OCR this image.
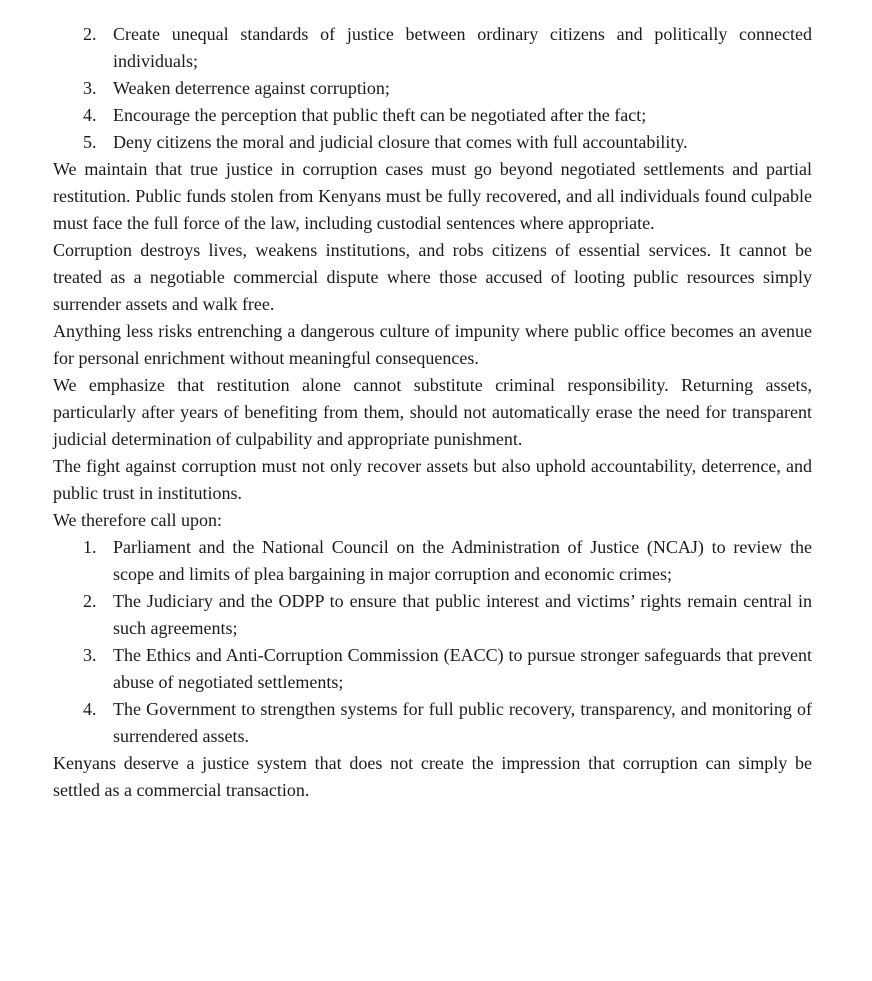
2. Create unequal standards of justice between ordinary citizens and politically connected individuals;
3. Weaken deterrence against corruption;
4. Encourage the perception that public theft can be negotiated after the fact;
5. Deny citizens the moral and judicial closure that comes with full accountability.

We maintain that true justice in corruption cases must go beyond negotiated settlements and partial restitution. Public funds stolen from Kenyans must be fully recovered, and all individuals found culpable must face the full force of the law, including custodial sentences where appropriate.

Corruption destroys lives, weakens institutions, and robs citizens of essential services. It cannot be treated as a negotiable commercial dispute where those accused of looting public resources simply surrender assets and walk free.

Anything less risks entrenching a dangerous culture of impunity where public office becomes an avenue for personal enrichment without meaningful consequences.

We emphasize that restitution alone cannot substitute criminal responsibility. Returning assets, particularly after years of benefiting from them, should not automatically erase the need for transparent judicial determination of culpability and appropriate punishment.

The fight against corruption must not only recover assets but also uphold accountability, deterrence, and public trust in institutions.

We therefore call upon:

1. Parliament and the National Council on the Administration of Justice (NCAJ) to review the scope and limits of plea bargaining in major corruption and economic crimes;
2. The Judiciary and the ODPP to ensure that public interest and victims’ rights remain central in such agreements;
3. The Ethics and Anti-Corruption Commission (EACC) to pursue stronger safeguards that prevent abuse of negotiated settlements;
4. The Government to strengthen systems for full public recovery, transparency, and monitoring of surrendered assets.

Kenyans deserve a justice system that does not create the impression that corruption can simply be settled as a commercial transaction.
